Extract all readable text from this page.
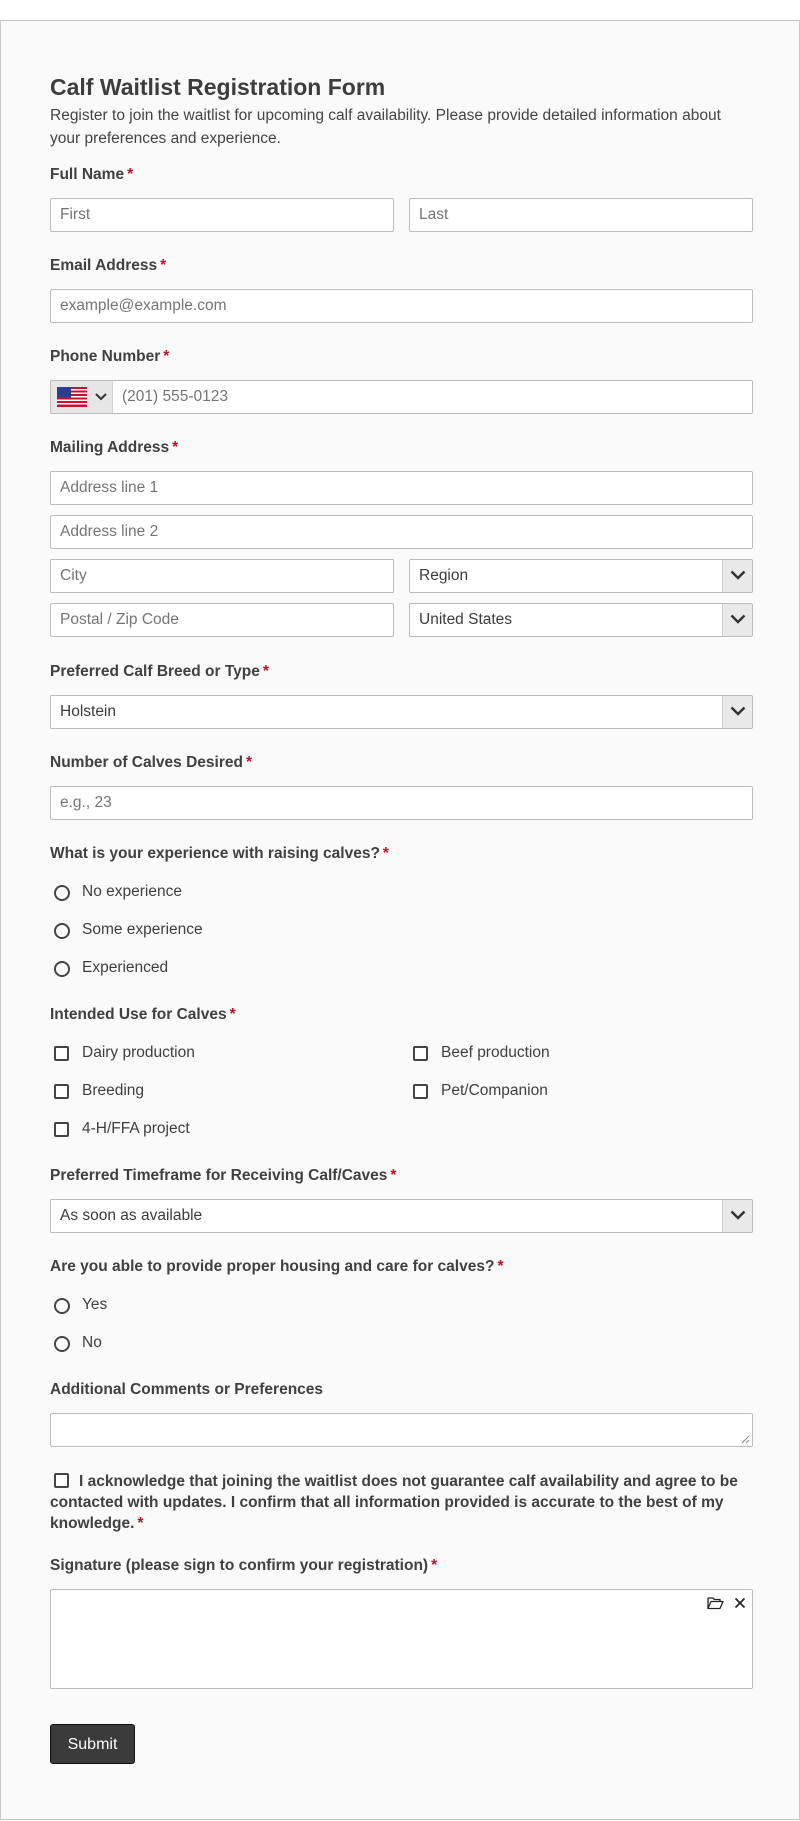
Calf Waitlist Registration Form

Register to join the waitlist for upcoming calf availability. Please provide detailed information about your preferences and experience.

Full Name *
First
Last
Email Address *
example@example.com
Phone Number *
(201) 555-0123
Mailing Address *
Address line 1
Address line 2
City
Region
Postal / Zip Code
United States
Preferred Calf Breed or Type *
Holstein
Number of Calves Desired *
e.g., 23
What is your experience with raising calves? *
No experience
Some experience
Experienced
Intended Use for Calves *
Dairy production	Beef production
Breeding	Pet/Companion
4-H/FFA project
Preferred Timeframe for Receiving Calf/Caves *
As soon as available
Are you able to provide proper housing and care for calves? *
Yes
No
Additional Comments or Preferences
I acknowledge that joining the waitlist does not guarantee calf availability and agree to be contacted with updates. I confirm that all information provided is accurate to the best of my knowledge. *
Signature (please sign to confirm your registration) *
Submit
